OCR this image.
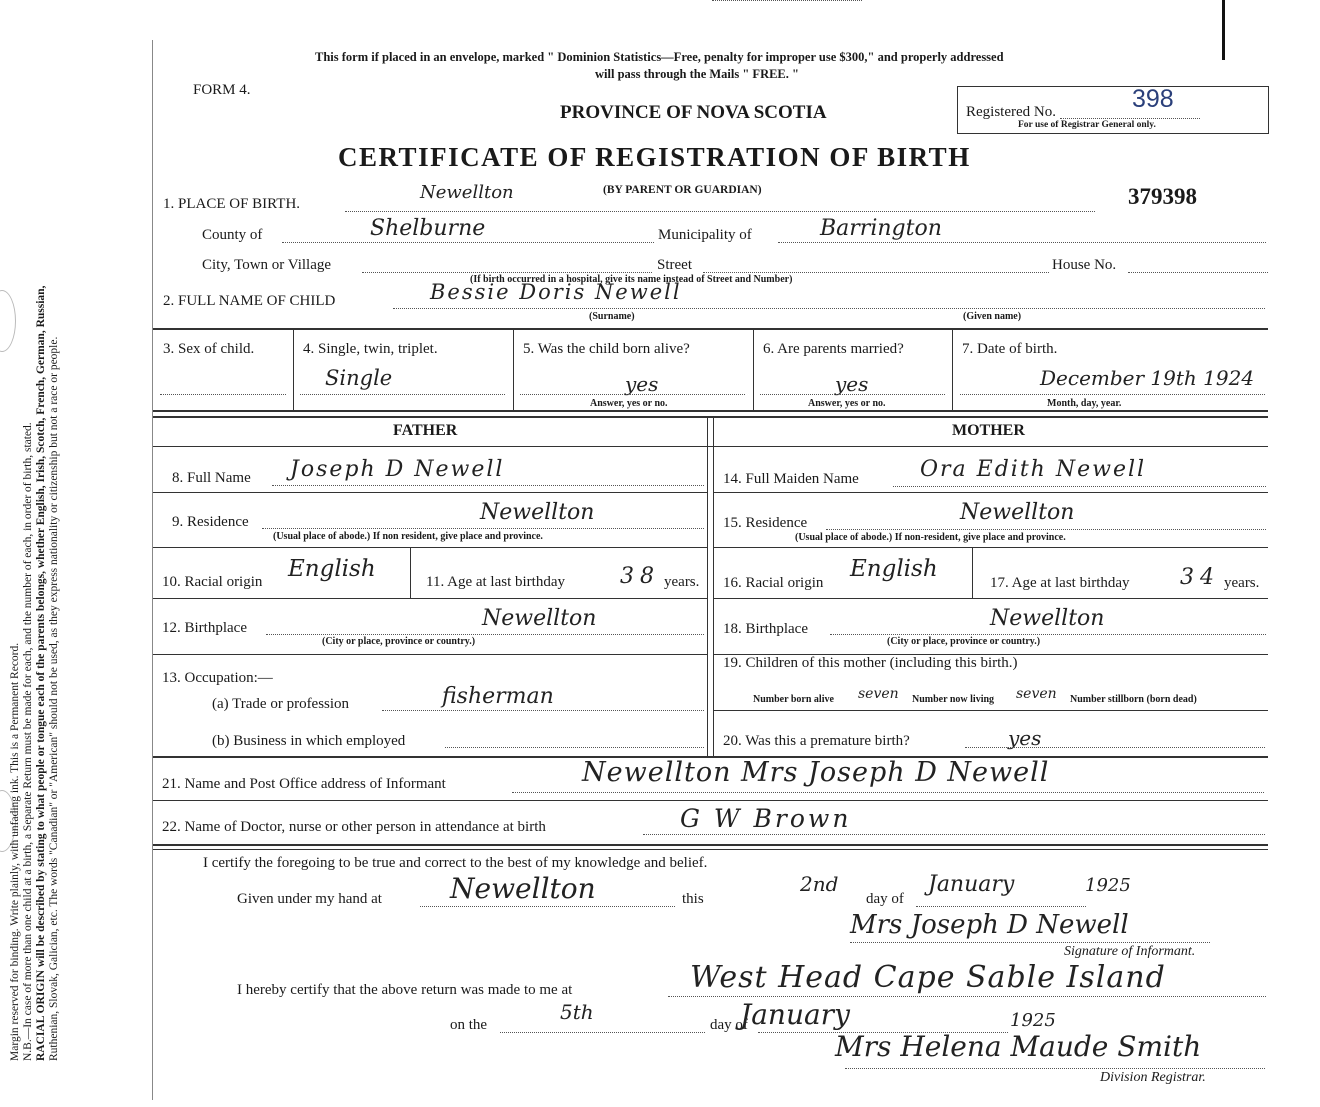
Margin reserved for binding. Write plainly, with unfading ink. This is a Permanent Record. N.B.—In case of more than one child at a birth, a Separate Return must be made for each, and the number of each, in order of birth, stated. RACIAL ORIGIN will be described by stating to what people or tongue each of the parents belongs, whether English, Irish, Scotch, French, German, Russian, Ruthenian, Slovak, Galician, etc. The words "Canadian" or "American" should not be used, as they express nationality or citizenship but not a race or people.
This form if placed in an envelope, marked " Dominion Statistics—Free, penalty for improper use $300," and properly addressed
will pass through the Mails " FREE. "
FORM 4.
PROVINCE OF NOVA SCOTIA
CERTIFICATE OF REGISTRATION OF BIRTH
(BY PARENT OR GUARDIAN)
Registered No.	398
For use of Registrar General only.
379398
1. PLACE OF BIRTH.
Newellton
County of	Shelburne	Municipality of	Barrington
City, Town or Village	Street	House No.
(If birth occurred in a hospital, give its name instead of Street and Number)
2. FULL NAME OF CHILD	Bessie Doris Newell
(Surname)	(Given name)
3. Sex of child.	4. Single, twin, triplet.
Single
5. Was the child born alive?
yes
Answer, yes or no.
6. Are parents married?
yes
Answer, yes or no.
7. Date of birth.
December 19th 1924
Month, day, year.
FATHER	MOTHER
8. Full Name Joseph D Newell
9. Residence	Newellton
(Usual place of abode.) If non resident, give place and province.
10. Racial origin English	11. Age at last birthday	38 years.
12. Birthplace	Newellton
(City or place, province or country.)
13. Occupation:—
(a) Trade or profession	fisherman
(b) Business in which employed
14. Full Maiden Name	Ora Edith Newell
15. Residence	Newellton
(Usual place of abode.) If non-resident, give place and province.
16. Racial origin
English
17. Age at last birthday 34 years.
18. Birthplace	Newellton
(City or place, province or country.)
19. Children of this mother (including this birth.)
Number born alive seven Number now living seven Number stillborn (born dead)
20. Was this a premature birth?	yes
21. Name and Post Office address of Informant	Newellton Mrs Joseph D Newell
22. Name of Doctor, nurse or other person in attendance at birth	G W Brown
I certify the foregoing to be true and correct to the best of my knowledge and belief.
Given under my hand at Newellton	this
2nd
day of
January	1925
Mrs Joseph D Newell
Signature of Informant.
I hereby certify that the above return was made to me at	West Head Cape Sable Island
on the
5th
day of
January	1925
Mrs Helena Maude Smith
Division Registrar.
